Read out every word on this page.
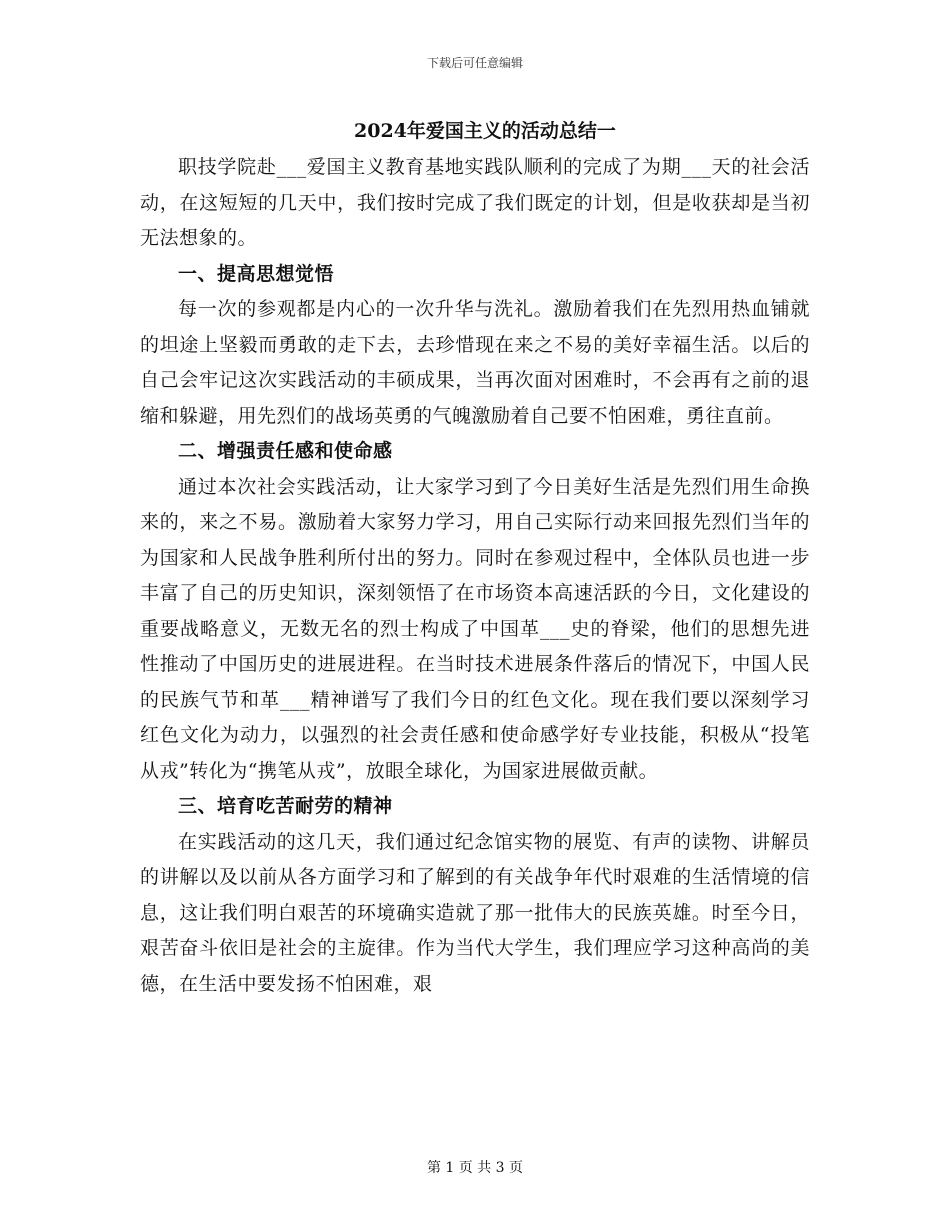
下载后可任意编辑
2024年爱国主义的活动总结一

职技学院赴___爱国主义教育基地实践队顺利的完成了为期___天的社会活动，在这短短的几天中，我们按时完成了我们既定的计划，但是收获却是当初无法想象的。

一、提高思想觉悟

每一次的参观都是内心的一次升华与洗礼。激励着我们在先烈用热血铺就的坦途上坚毅而勇敢的走下去，去珍惜现在来之不易的美好幸福生活。以后的自己会牢记这次实践活动的丰硕成果，当再次面对困难时，不会再有之前的退缩和躲避，用先烈们的战场英勇的气魄激励着自己要不怕困难，勇往直前。

二、增强责任感和使命感

通过本次社会实践活动，让大家学习到了今日美好生活是先烈们用生命换来的，来之不易。激励着大家努力学习，用自己实际行动来回报先烈们当年的为国家和人民战争胜利所付出的努力。同时在参观过程中，全体队员也进一步丰富了自己的历史知识，深刻领悟了在市场资本高速活跃的今日，文化建设的重要战略意义，无数无名的烈士构成了中国革___史的脊梁，他们的思想先进性推动了中国历史的进展进程。在当时技术进展条件落后的情况下，中国人民的民族气节和革___精神谱写了我们今日的红色文化。现在我们要以深刻学习红色文化为动力，以强烈的社会责任感和使命感学好专业技能，积极从“投笔从戎”转化为“携笔从戎”，放眼全球化，为国家进展做贡献。

三、培育吃苦耐劳的精神

在实践活动的这几天，我们通过纪念馆实物的展览、有声的读物、讲解员的讲解以及以前从各方面学习和了解到的有关战争年代时艰难的生活情境的信息，这让我们明白艰苦的环境确实造就了那一批伟大的民族英雄。时至今日，艰苦奋斗依旧是社会的主旋律。作为当代大学生，我们理应学习这种高尚的美德，在生活中要发扬不怕困难，艰

第 1 页 共 3 页
